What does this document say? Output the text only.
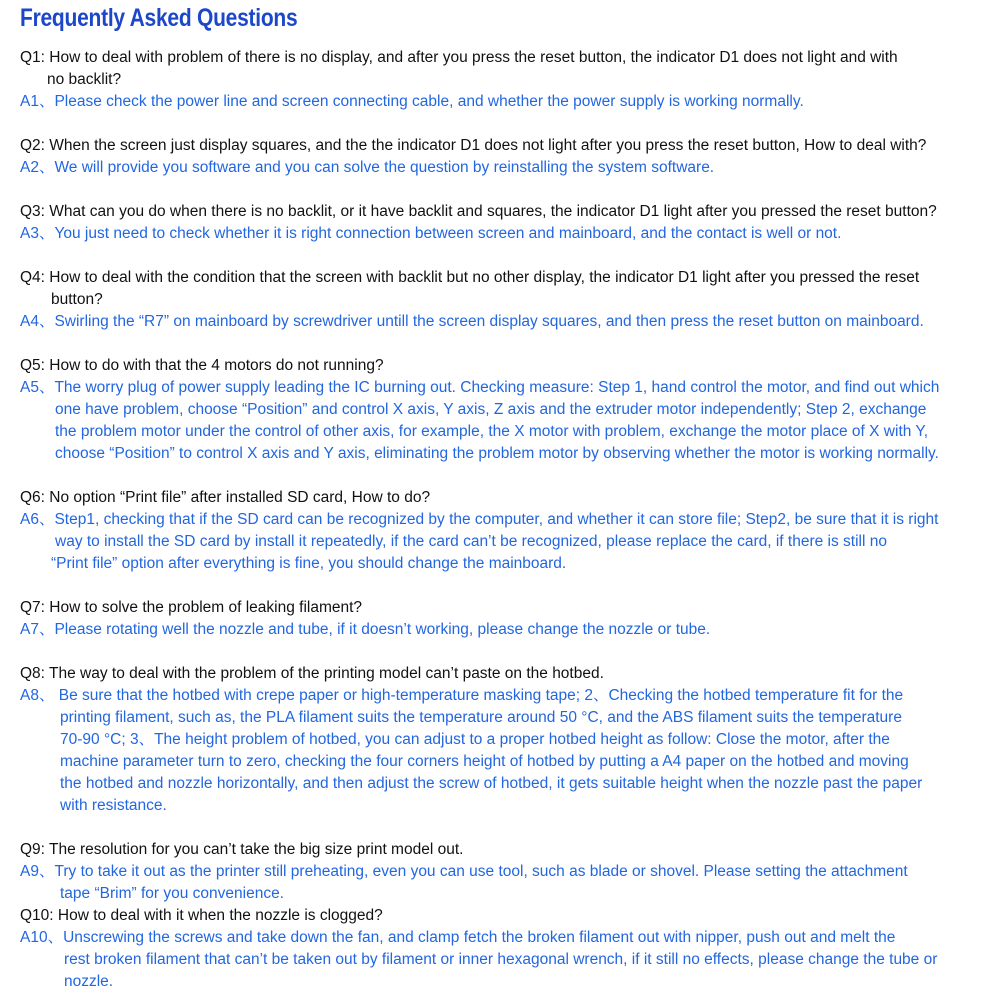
Frequently Asked Questions
Q1: How to deal with problem of there is no display, and after you press the reset button, the indicator D1 does not light and with
no backlit?
A1、Please check the power line and screen connecting cable, and whether the power supply is working normally.
Q2: When the screen just display squares, and the the indicator D1 does not light after you press the reset button, How to deal with?
A2、We will provide you software and you can solve the question by reinstalling the system software.
Q3: What can you do when there is no backlit, or it have backlit and squares, the indicator D1 light after you pressed the reset button?
A3、You just need to check whether it is right connection between screen and mainboard, and the contact is well or not.
Q4: How to deal with the condition that the screen with backlit but no other display, the indicator D1 light after you pressed the reset
button?
A4、Swirling the “R7” on mainboard by screwdriver untill the screen display squares, and then press the reset button on mainboard.
Q5: How to do with that the 4 motors do not running?
A5、The worry plug of power supply leading the IC burning out. Checking measure: Step 1, hand control the motor, and find out which
one have problem, choose “Position” and control X axis, Y axis, Z axis and the extruder motor independently; Step 2, exchange
the problem motor under the control of other axis, for example, the X motor with problem, exchange the motor place of X with Y,
choose “Position” to control X axis and Y axis, eliminating the problem motor by observing whether the motor is working normally.
Q6: No option “Print file” after installed SD card, How to do?
A6、Step1, checking that if the SD card can be recognized by the computer, and whether it can store file; Step2, be sure that it is right
way to install the SD card by install it repeatedly, if the card can’t be recognized, please replace the card, if there is still no
“Print file” option after everything is fine, you should change the mainboard.
Q7: How to solve the problem of leaking filament?
A7、Please rotating well the nozzle and tube, if it doesn’t working, please change the nozzle or tube.
Q8: The way to deal with the problem of the printing model can’t paste on the hotbed.
A8、 Be sure that the hotbed with crepe paper or high-temperature masking tape; 2、Checking the hotbed temperature fit for the
printing filament, such as, the PLA filament suits the temperature around 50 °C, and the ABS filament suits the temperature
70-90 °C; 3、The height problem of hotbed, you can adjust to a proper hotbed height as follow: Close the motor, after the
machine parameter turn to zero, checking the four corners height of hotbed by putting a A4 paper on the hotbed and moving
the hotbed and nozzle horizontally, and then adjust the screw of hotbed, it gets suitable height when the nozzle past the paper
with resistance.
Q9: The resolution for you can’t take the big size print model out.
A9、Try to take it out as the printer still preheating, even you can use tool, such as blade or shovel. Please setting the attachment
tape “Brim” for you convenience.
Q10: How to deal with it when the nozzle is clogged?
A10、Unscrewing the screws and take down the fan, and clamp fetch the broken filament out with nipper, push out and melt the
rest broken filament that can’t be taken out by filament or inner hexagonal wrench, if it still no effects, please change the tube or
nozzle.
